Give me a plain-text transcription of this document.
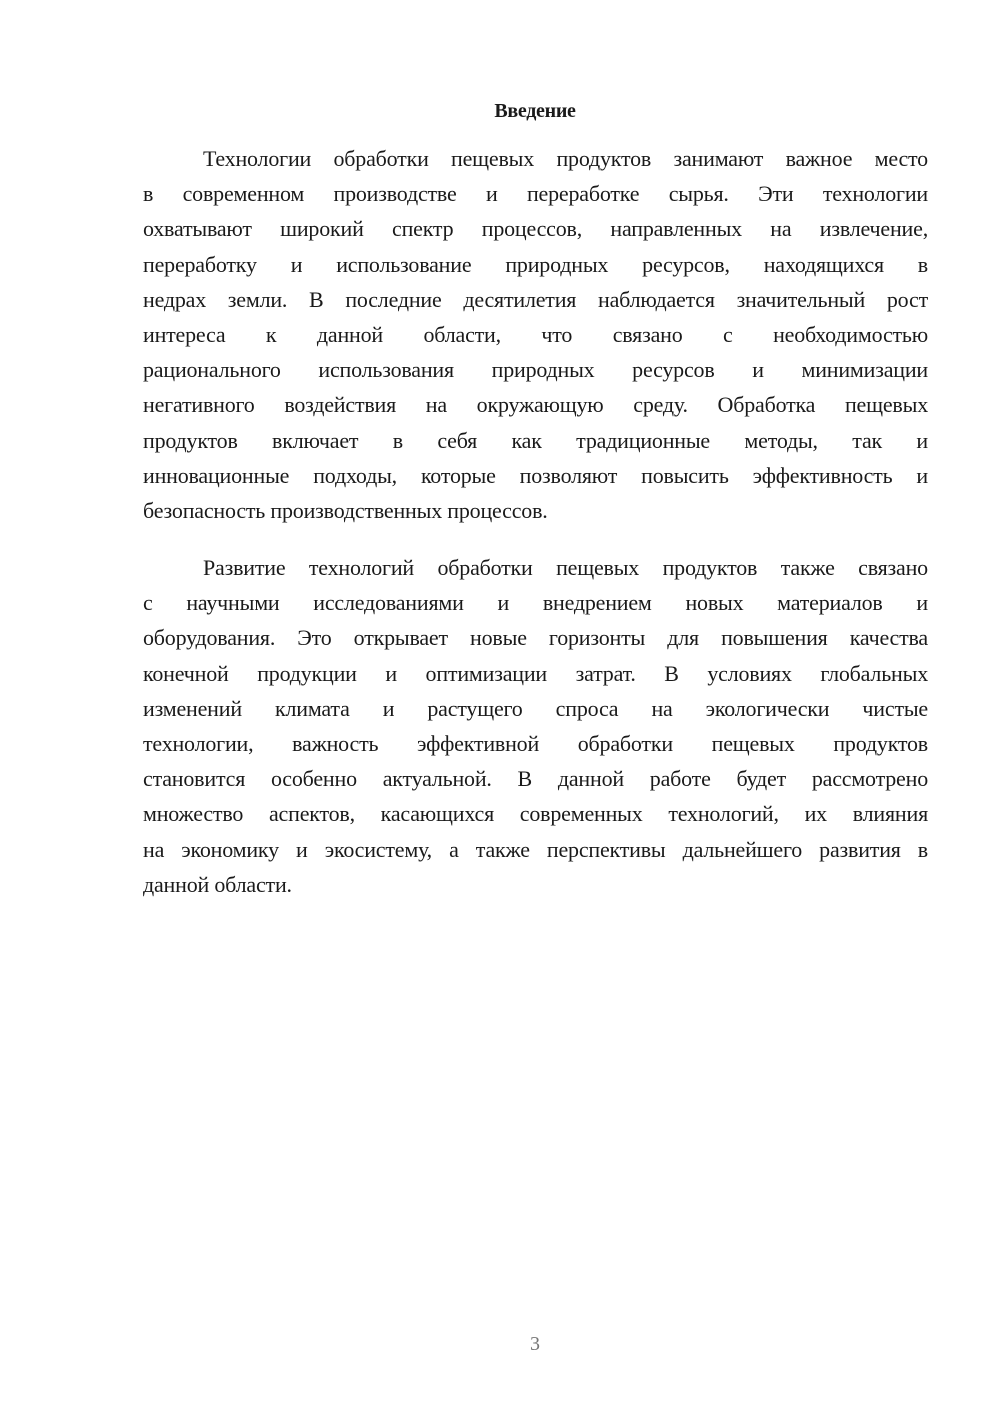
Введение
Технологии обработки пещевых продуктов занимают важное место
в современном производстве и переработке сырья. Эти технологии
охватывают широкий спектр процессов, направленных на извлечение,
переработку и использование природных ресурсов, находящихся в
недрах земли. В последние десятилетия наблюдается значительный рост
интереса к данной области, что связано с необходимостью
рационального использования природных ресурсов и минимизации
негативного воздействия на окружающую среду. Обработка пещевых
продуктов включает в себя как традиционные методы, так и
инновационные подходы, которые позволяют повысить эффективность и
безопасность производственных процессов.
Развитие технологий обработки пещевых продуктов также связано
с научными исследованиями и внедрением новых материалов и
оборудования. Это открывает новые горизонты для повышения качества
конечной продукции и оптимизации затрат. В условиях глобальных
изменений климата и растущего спроса на экологически чистые
технологии, важность эффективной обработки пещевых продуктов
становится особенно актуальной. В данной работе будет рассмотрено
множество аспектов, касающихся современных технологий, их влияния
на экономику и экосистему, а также перспективы дальнейшего развития в
данной области.
3
